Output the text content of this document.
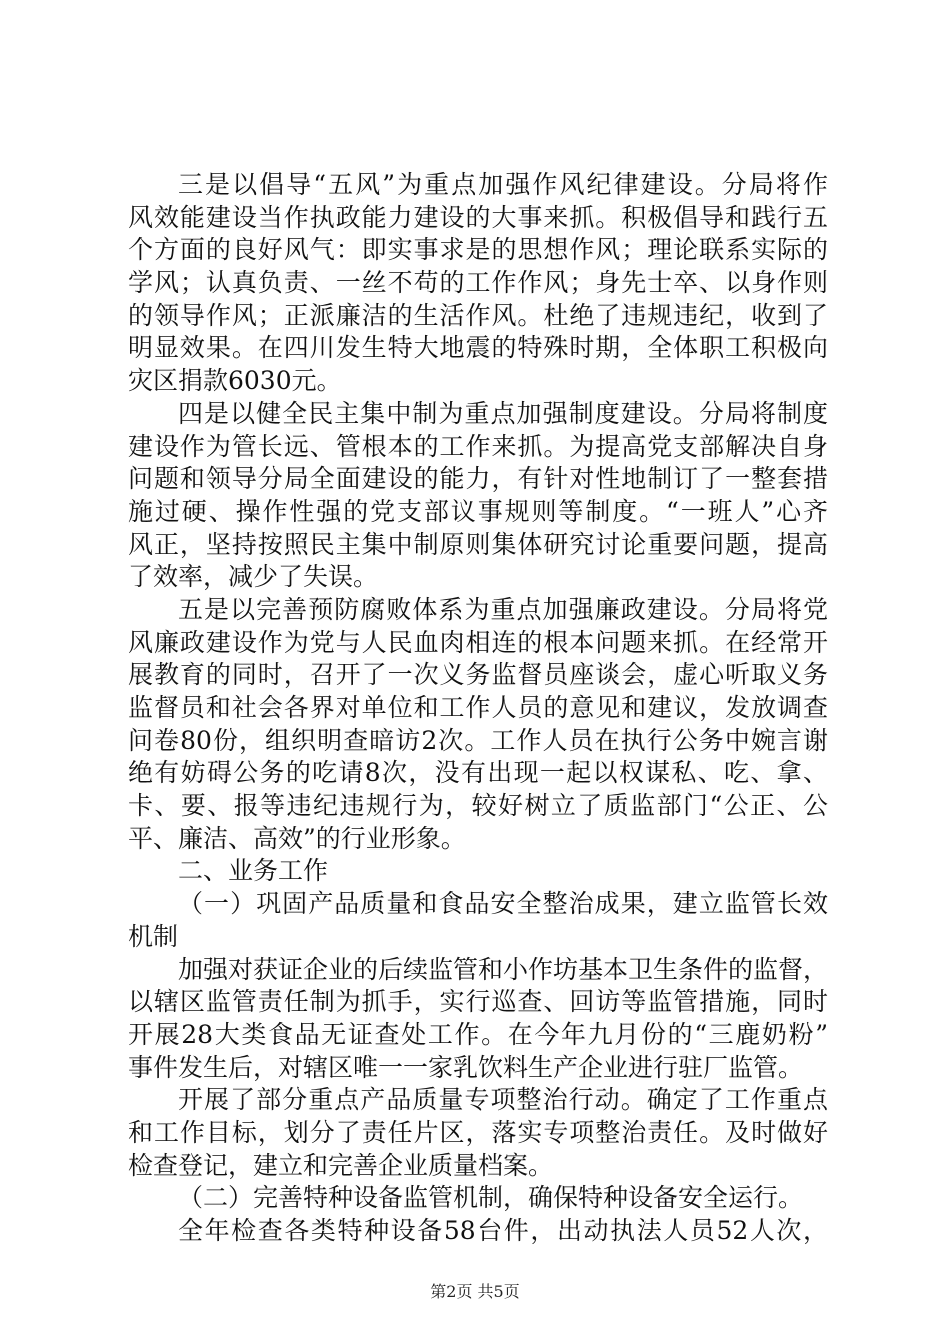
三是以倡导“五风”为重点加强作风纪律建设。分局将作
风效能建设当作执政能力建设的大事来抓。积极倡导和践行五
个方面的良好风气：即实事求是的思想作风；理论联系实际的
学风；认真负责、一丝不苟的工作作风；身先士卒、以身作则
的领导作风；正派廉洁的生活作风。杜绝了违规违纪，收到了
明显效果。在四川发生特大地震的特殊时期，全体职工积极向
灾区捐款6030元。
四是以健全民主集中制为重点加强制度建设。分局将制度
建设作为管长远、管根本的工作来抓。为提高党支部解决自身
问题和领导分局全面建设的能力，有针对性地制订了一整套措
施过硬、操作性强的党支部议事规则等制度。“一班人”心齐
风正，坚持按照民主集中制原则集体研究讨论重要问题，提高
了效率，减少了失误。
五是以完善预防腐败体系为重点加强廉政建设。分局将党
风廉政建设作为党与人民血肉相连的根本问题来抓。在经常开
展教育的同时，召开了一次义务监督员座谈会，虚心听取义务
监督员和社会各界对单位和工作人员的意见和建议，发放调查
问卷80份，组织明查暗访2次。工作人员在执行公务中婉言谢
绝有妨碍公务的吃请8次，没有出现一起以权谋私、吃、拿、
卡、要、报等违纪违规行为，较好树立了质监部门“公正、公
平、廉洁、高效”的行业形象。
二、业务工作
（一）巩固产品质量和食品安全整治成果，建立监管长效
机制
加强对获证企业的后续监管和小作坊基本卫生条件的监督，
以辖区监管责任制为抓手，实行巡查、回访等监管措施，同时
开展28大类食品无证查处工作。在今年九月份的“三鹿奶粉”
事件发生后，对辖区唯一一家乳饮料生产企业进行驻厂监管。
开展了部分重点产品质量专项整治行动。确定了工作重点
和工作目标，划分了责任片区，落实专项整治责任。及时做好
检查登记，建立和完善企业质量档案。
（二）完善特种设备监管机制，确保特种设备安全运行。
全年检查各类特种设备58台件，出动执法人员52人次，
第2页 共5页
